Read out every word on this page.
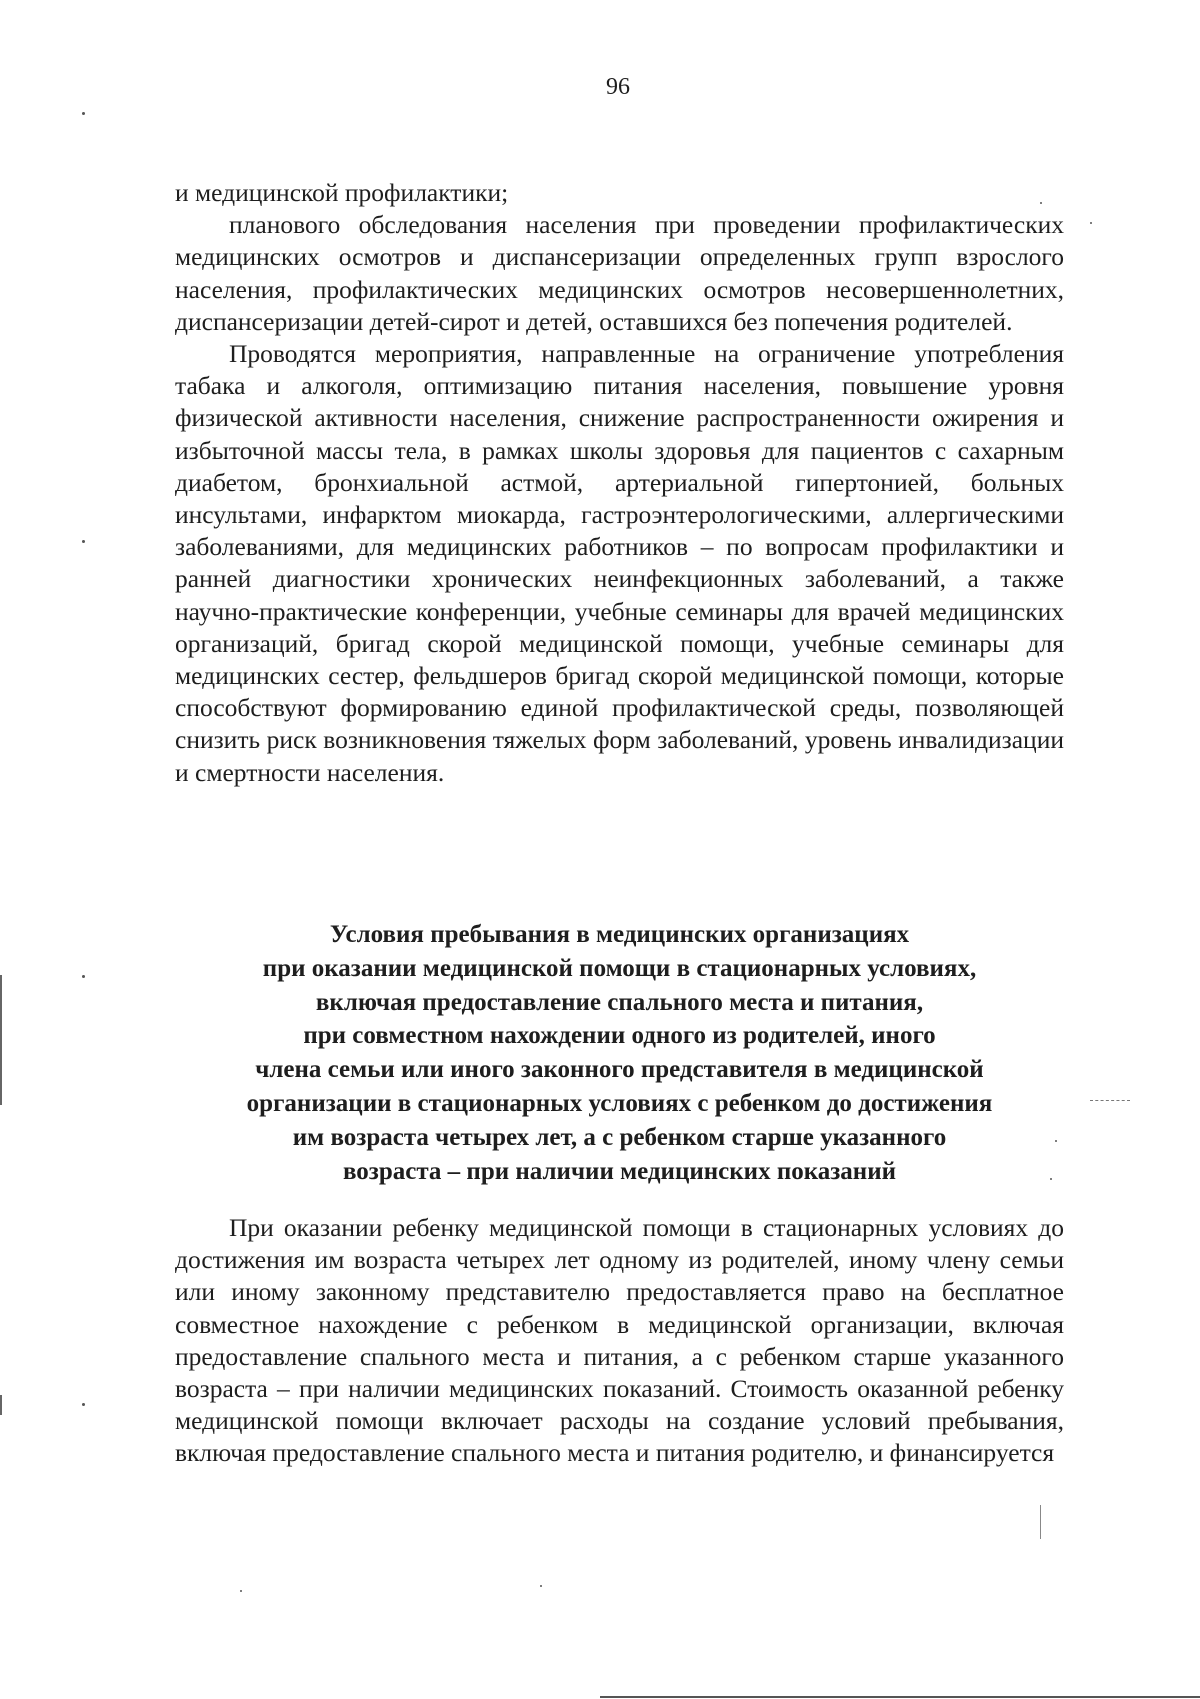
96

и медицинской профилактики;

планового обследования населения при проведении профилактических медицинских осмотров и диспансеризации определенных групп взрослого населения, профилактических медицинских осмотров несовершеннолетних, диспансеризации детей-сирот и детей, оставшихся без попечения родителей.

Проводятся мероприятия, направленные на ограничение употребления табака и алкоголя, оптимизацию питания населения, повышение уровня физической активности населения, снижение распространенности ожирения и избыточной массы тела, в рамках школы здоровья для пациентов с сахарным диабетом, бронхиальной астмой, артериальной гипертонией, больных инсультами, инфарктом миокарда, гастроэнтерологическими, аллергическими заболеваниями, для медицинских работников – по вопросам профилактики и ранней диагностики хронических неинфекционных заболеваний, а также научно-практические конференции, учебные семинары для врачей медицинских организаций, бригад скорой медицинской помощи, учебные семинары для медицинских сестер, фельдшеров бригад скорой медицинской помощи, которые способствуют формированию единой профилактической среды, позволяющей снизить риск возникновения тяжелых форм заболеваний, уровень инвалидизации и смертности населения.

Условия пребывания в медицинских организациях
при оказании медицинской помощи в стационарных условиях,
включая предоставление спального места и питания,
при совместном нахождении одного из родителей, иного
члена семьи или иного законного представителя в медицинской
организации в стационарных условиях с ребенком до достижения
им возраста четырех лет, а с ребенком старше указанного
возраста – при наличии медицинских показаний

При оказании ребенку медицинской помощи в стационарных условиях до достижения им возраста четырех лет одному из родителей, иному члену семьи или иному законному представителю предоставляется право на бесплатное совместное нахождение с ребенком в медицинской организации, включая предоставление спального места и питания, а с ребенком старше указанного возраста – при наличии медицинских показаний. Стоимость оказанной ребенку медицинской помощи включает расходы на создание условий пребывания, включая предоставление спального места и питания родителю, и финансируется
